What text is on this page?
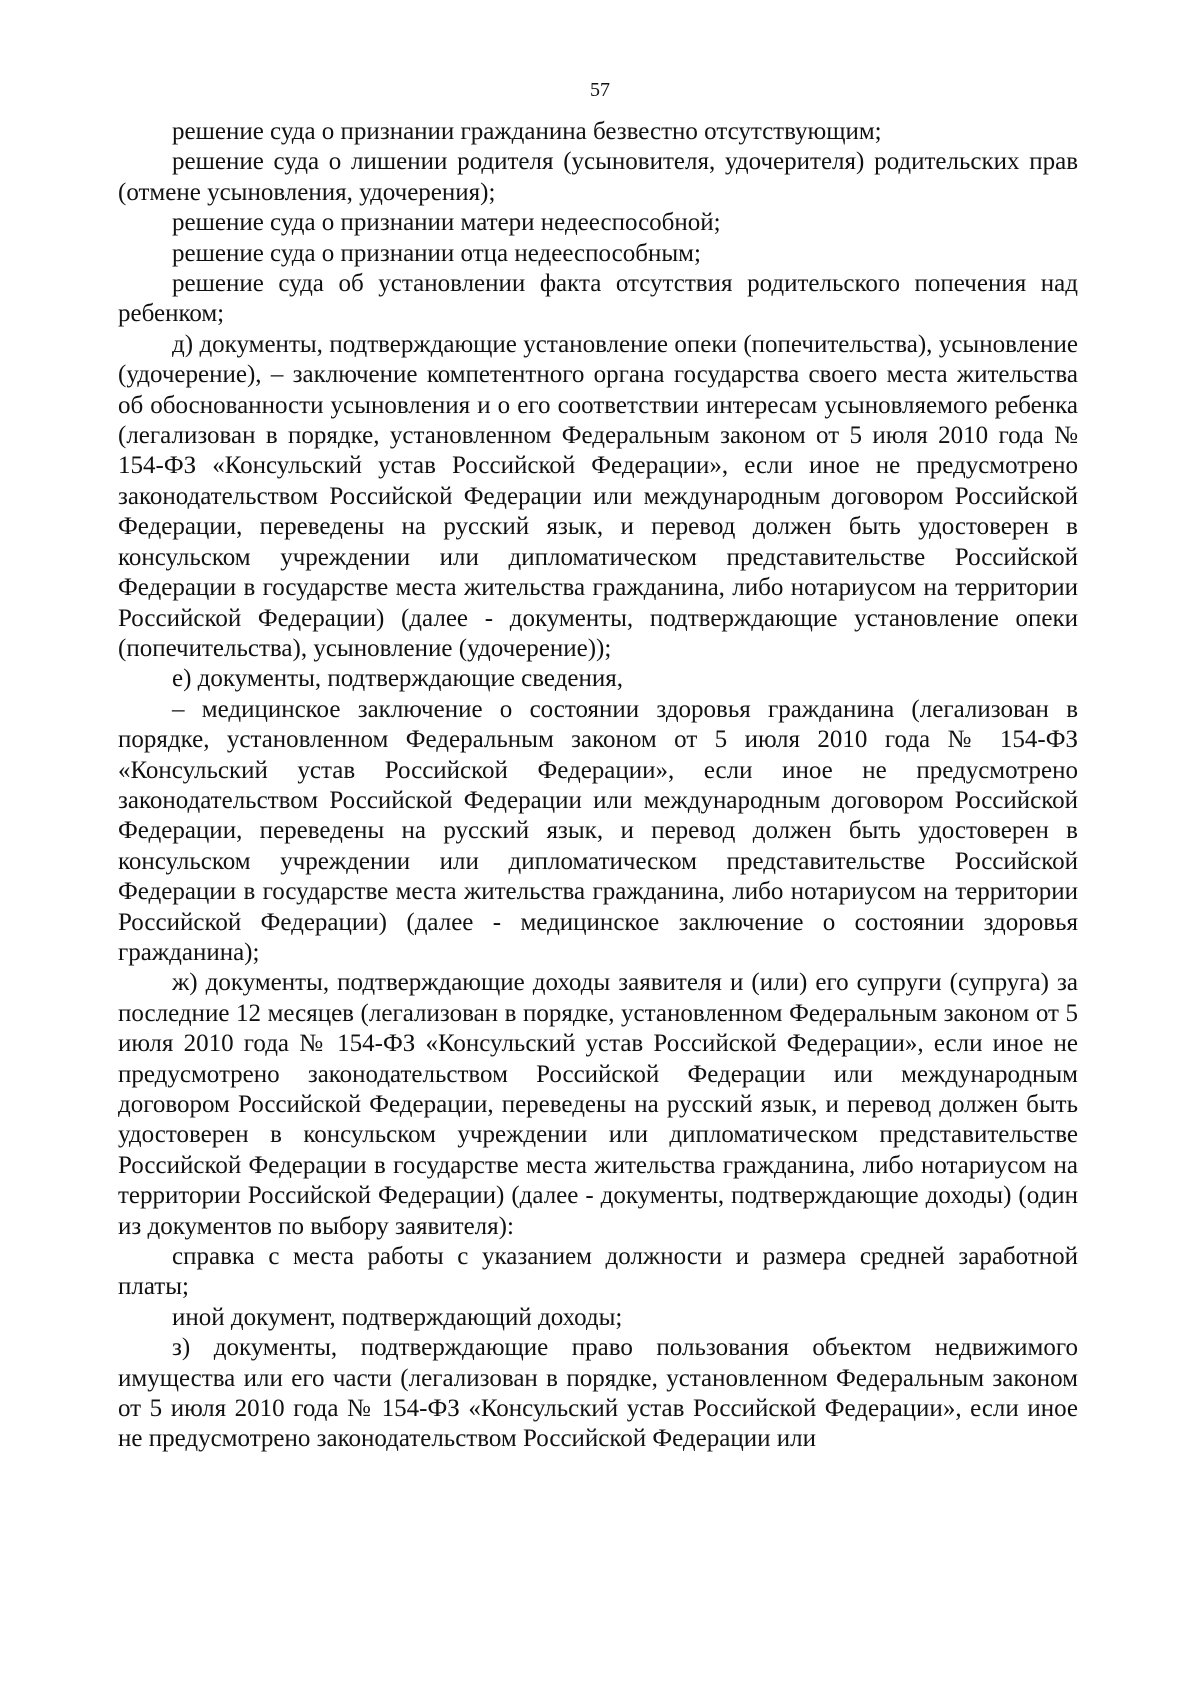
57

решение суда о признании гражданина безвестно отсутствующим;

решение суда о лишении родителя (усыновителя, удочерителя) родительских прав (отмене усыновления, удочерения);

решение суда о признании матери недееспособной;

решение суда о признании отца недееспособным;

решение суда об установлении факта отсутствия родительского попечения над ребенком;

д) документы, подтверждающие установление опеки (попечительства), усыновление (удочерение), – заключение компетентного органа государства своего места жительства об обоснованности усыновления и о его соответствии интересам усыновляемого ребенка (легализован в порядке, установленном Федеральным законом от 5 июля 2010 года № 154-ФЗ «Консульский устав Российской Федерации», если иное не предусмотрено законодательством Российской Федерации или международным договором Российской Федерации, переведены на русский язык, и перевод должен быть удостоверен в консульском учреждении или дипломатическом представительстве Российской Федерации в государстве места жительства гражданина, либо нотариусом на территории Российской Федерации) (далее - документы, подтверждающие установление опеки (попечительства), усыновление (удочерение));

е) документы, подтверждающие сведения,

– медицинское заключение о состоянии здоровья гражданина (легализован в порядке, установленном Федеральным законом от 5 июля 2010 года № 154-ФЗ «Консульский устав Российской Федерации», если иное не предусмотрено законодательством Российской Федерации или международным договором Российской Федерации, переведены на русский язык, и перевод должен быть удостоверен в консульском учреждении или дипломатическом представительстве Российской Федерации в государстве места жительства гражданина, либо нотариусом на территории Российской Федерации) (далее - медицинское заключение о состоянии здоровья гражданина);

ж) документы, подтверждающие доходы заявителя и (или) его супруги (супруга) за последние 12 месяцев (легализован в порядке, установленном Федеральным законом от 5 июля 2010 года № 154-ФЗ «Консульский устав Российской Федерации», если иное не предусмотрено законодательством Российской Федерации или международным договором Российской Федерации, переведены на русский язык, и перевод должен быть удостоверен в консульском учреждении или дипломатическом представительстве Российской Федерации в государстве места жительства гражданина, либо нотариусом на территории Российской Федерации) (далее - документы, подтверждающие доходы) (один из документов по выбору заявителя):

справка с места работы с указанием должности и размера средней заработной платы;

иной документ, подтверждающий доходы;

з) документы, подтверждающие право пользования объектом недвижимого имущества или его части (легализован в порядке, установленном Федеральным законом от 5 июля 2010 года № 154-ФЗ «Консульский устав Российской Федерации», если иное не предусмотрено законодательством Российской Федерации или
